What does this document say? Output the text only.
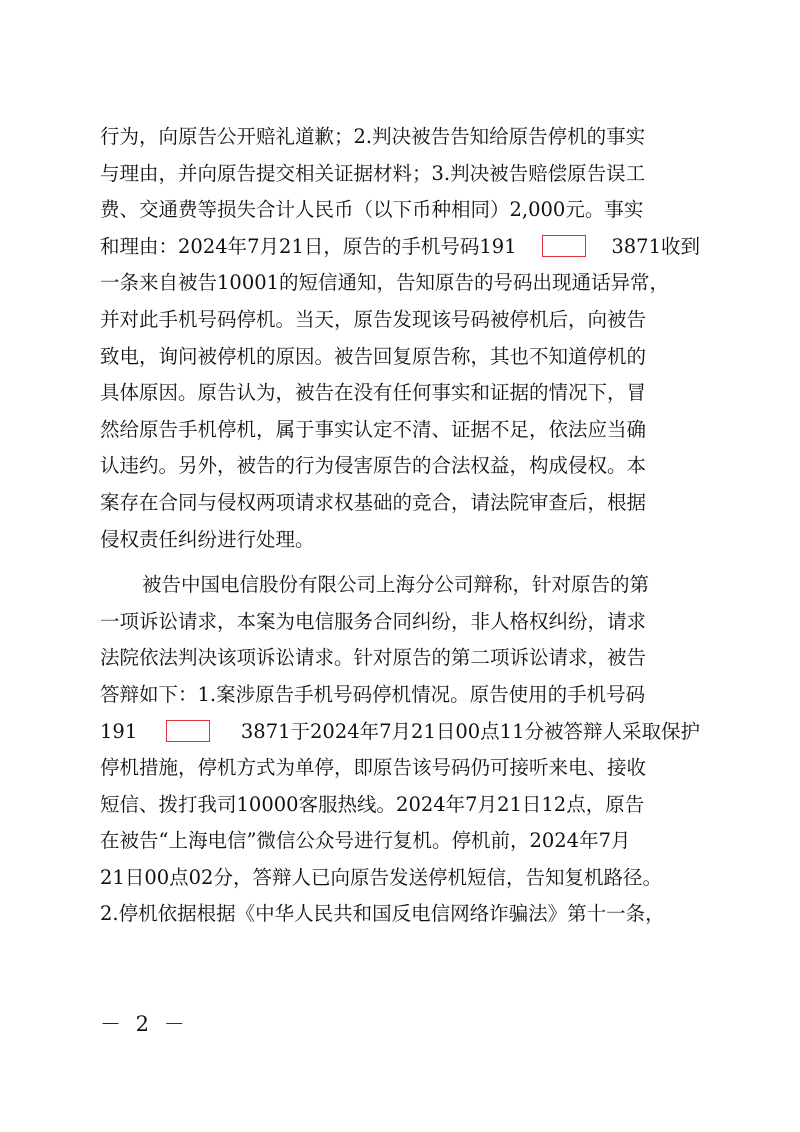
行为，向原告公开赔礼道歉；2.判决被告告知给原告停机的事实
与理由，并向原告提交相关证据材料；3.判决被告赔偿原告误工
费、交通费等损失合计人民币（以下币种相同）2,000元。事实
和理由：2024年7月21日，原告的手机号码191	3871收到
一条来自被告10001的短信通知，告知原告的号码出现通话异常，
并对此手机号码停机。当天，原告发现该号码被停机后，向被告
致电，询问被停机的原因。被告回复原告称，其也不知道停机的
具体原因。原告认为，被告在没有任何事实和证据的情况下，冒
然给原告手机停机，属于事实认定不清、证据不足，依法应当确
认违约。另外，被告的行为侵害原告的合法权益，构成侵权。本
案存在合同与侵权两项请求权基础的竞合，请法院审查后，根据
侵权责任纠纷进行处理。
被告中国电信股份有限公司上海分公司辩称，针对原告的第
一项诉讼请求，本案为电信服务合同纠纷，非人格权纠纷，请求
法院依法判决该项诉讼请求。针对原告的第二项诉讼请求，被告
答辩如下：1.案涉原告手机号码停机情况。原告使用的手机号码
191	3871于2024年7月21日00点11分被答辩人采取保护
停机措施，停机方式为单停，即原告该号码仍可接听来电、接收
短信、拨打我司10000客服热线。2024年7月21日12点，原告
在被告“上海电信”微信公众号进行复机。停机前，2024年7月
21日00点02分，答辩人已向原告发送停机短信，告知复机路径。
2.停机依据根据《中华人民共和国反电信网络诈骗法》第十一条，
－ 2 －
